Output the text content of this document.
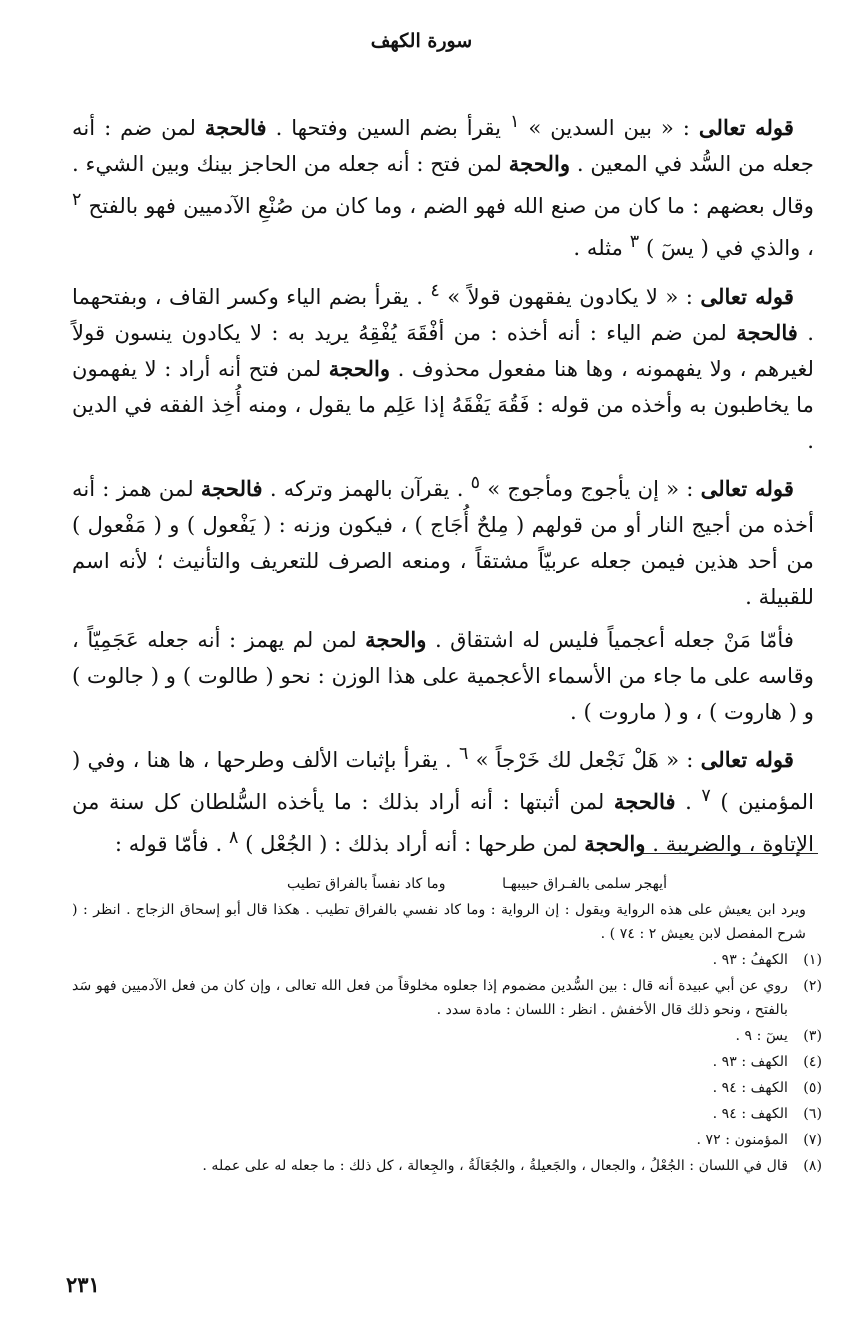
سورة الكهف

قوله تعالى : « بين السدين » $^١$ يقرأ بضم السين وفتحها . فالحجة لمن ضم : أنه جعله من السُّد في المعين . والحجة لمن فتح : أنه جعله من الحاجز بينك وبين الشيء . وقال بعضهم : ما كان من صنع الله فهو الضم ، وما كان من صُنْعِ الآدميين فهو بالفتح $^٢$ ، والذي في ( يسٓ ) $^٣$ مثله .

قوله تعالى : « لا يكادون يفقهون قولاً » $^٤$ . يقرأ بضم الياء وكسر القاف ، وبفتحهما . فالحجة لمن ضم الياء : أنه أخذه : من أفْقَهَ يُفْقِهُ يريد به : لا يكادون ينسون قولاً لغيرهم ، ولا يفهمونه ، وها هنا مفعول محذوف . والحجة لمن فتح أنه أراد : لا يفهمون ما يخاطبون به وأخذه من قوله : فَقُهَ يَفْقَهُ إذا عَلِم ما يقول ، ومنه أُخِذ الفقه في الدين .

قوله تعالى : « إن يأجوج ومأجوج » $^٥$ . يقرآن بالهمز وتركه . فالحجة لمن همز : أنه أخذه من أجيج النار أو من قولهم ( مِلحٌ أُجَاج ) ، فيكون وزنه : ( يَفْعول ) و ( مَفْعول ) من أحد هذين فيمن جعله عربيّاً مشتقاً ، ومنعه الصرف للتعريف والتأنيث ؛ لأنه اسم للقبيلة .

فأمّا مَنْ جعله أعجمياً فليس له اشتقاق . والحجة لمن لم يهمز : أنه جعله عَجَمِيّاً ، وقاسه على ما جاء من الأسماء الأعجمية على هذا الوزن : نحو ( طالوت ) و ( جالوت ) و ( هاروت ) ، و ( ماروت ) .

قوله تعالى : « هَلْ نَجْعل لك خَرْجاً » $^٦$ . يقرأ بإثبات الألف وطرحها ، ها هنا ، وفي ( المؤمنين ) $^٧$ . فالحجة لمن أثبتها : أنه أراد بذلك : ما يأخذه السُّلطان كل سنة من الإتاوة ، والضريبة . والحجة لمن طرحها : أنه أراد بذلك : ( الجُعْل ) $^٨$ . فأمّا قوله :

أيهجر سلمى بالفـراق حبيبهـا وما كاد نفساً بالفراق تطيب

ويرد ابن يعيش على هذه الرواية ويقول : إن الرواية : وما كاد نفسي بالفراق تطيب . هكذا قال أبو إسحاق الزجاج . انظر : ( شرح المفصل لابن يعيش ٢ : ٧٤ ) .

(١)
الكهفُ : ٩٣ .
(٢)
روي عن أبي عبيدة أنه قال : بين السُّدين مضموم إذا جعلوه مخلوقاً من فعل الله تعالى ، وإن كان من فعل الآدميين فهو سَد بالفتح ، ونحو ذلك قال الأخفش . انظر : اللسان : مادة سدد .
(٣)
يسٓ : ٩ .
(٤)
الكهف : ٩٣ .
(٥)
الكهف : ٩٤ .
(٦)
الكهف : ٩٤ .
(٧)
المؤمنون : ٧٢ .
(٨)
قال في اللسان : الجُعْلُ ، والجعال ، والجَعيلةُ ، والجُعَالَةُ ، والجِعالة ، كل ذلك : ما جعله له على عمله .
٢٣١
